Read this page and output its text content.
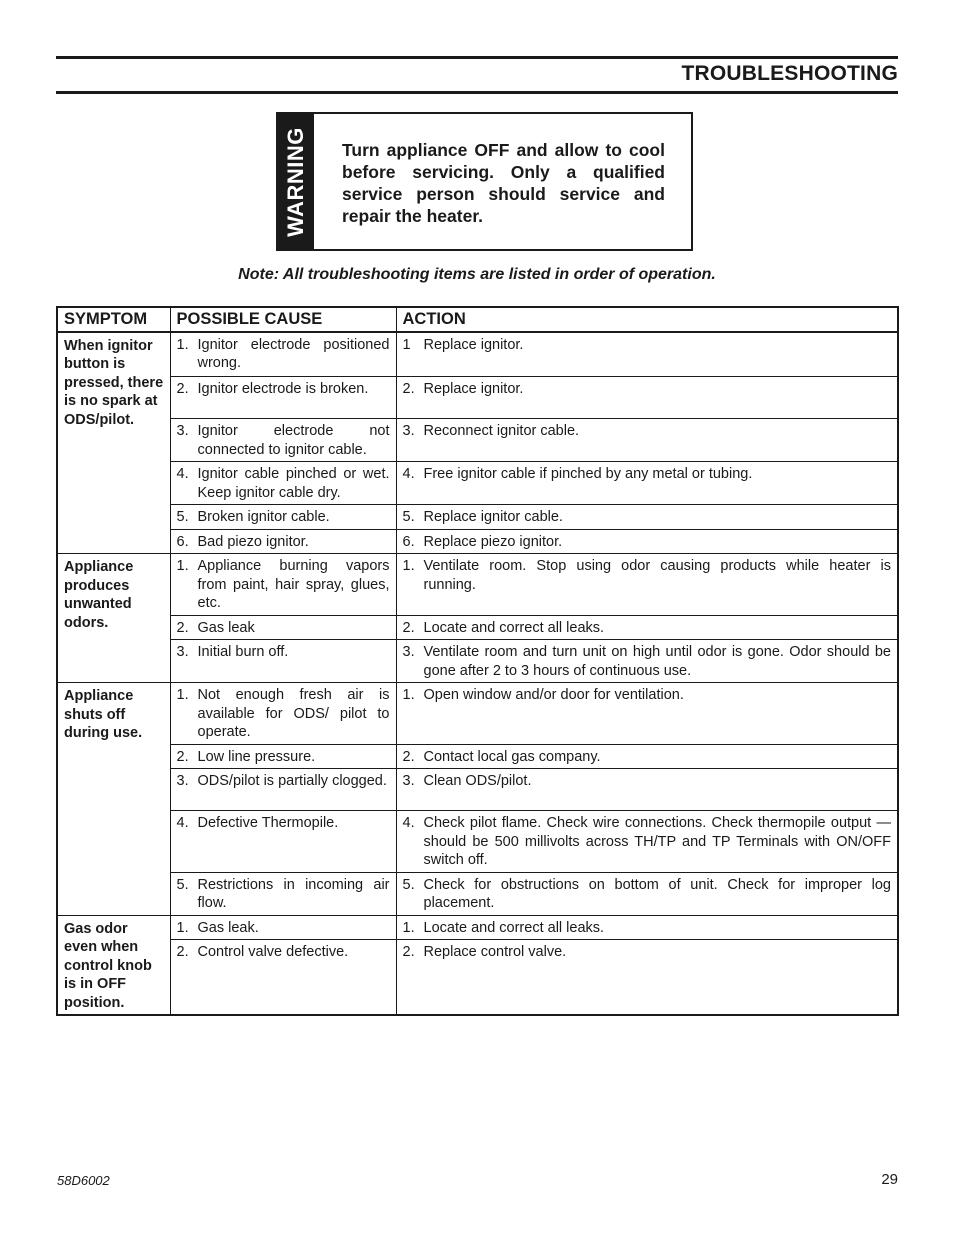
TROUBLESHOOTING
WARNING	Turn appliance OFF and allow to cool before servicing. Only a qualified service person should service and repair the heater.
Note: All troubleshooting items are listed in order of operation.
SYMPTOM	POSSIBLE CAUSE	ACTION
When ignitor button is pressed, there is no spark at ODS/pilot.	1. Ignitor electrode positioned wrong.	1 Replace ignitor.

	2. Ignitor electrode is broken.	2. Replace ignitor.

	3. Ignitor electrode not connected to ignitor cable.	3. Reconnect ignitor cable.

	4. Ignitor cable pinched or wet. Keep ignitor cable dry.	4. Free ignitor cable if pinched by any metal or tubing.

	5. Broken ignitor cable.	5. Replace ignitor cable.

	6. Bad piezo ignitor.	6. Replace piezo ignitor.

Appliance produces unwanted odors.	1. Appliance burning vapors from paint, hair spray, glues, etc.	1. Ventilate room. Stop using odor causing products while heater is running.

	2. Gas leak	2. Locate and correct all leaks.

	3. Initial burn off.	3. Ventilate room and turn unit on high until odor is gone. Odor should be gone after 2 to 3 hours of continuous use.

Appliance shuts off during use.	1. Not enough fresh air is available for ODS/ pilot to operate.	1. Open window and/or door for ventilation.

	2. Low line pressure.	2. Contact local gas company.

	3. ODS/pilot is partially clogged.	3. Clean ODS/pilot.

	4. Defective Thermopile.	4. Check pilot flame. Check wire connections. Check thermopile output — should be 500 millivolts across TH/TP and TP Terminals with ON/OFF switch off.

	5. Restrictions in incoming air flow.	5. Check for obstructions on bottom of unit. Check for improper log placement.

Gas odor even when control knob is in OFF position.	1. Gas leak.	1. Locate and correct all leaks.

	2. Control valve defective.	2. Replace control valve.
58D6002	29
